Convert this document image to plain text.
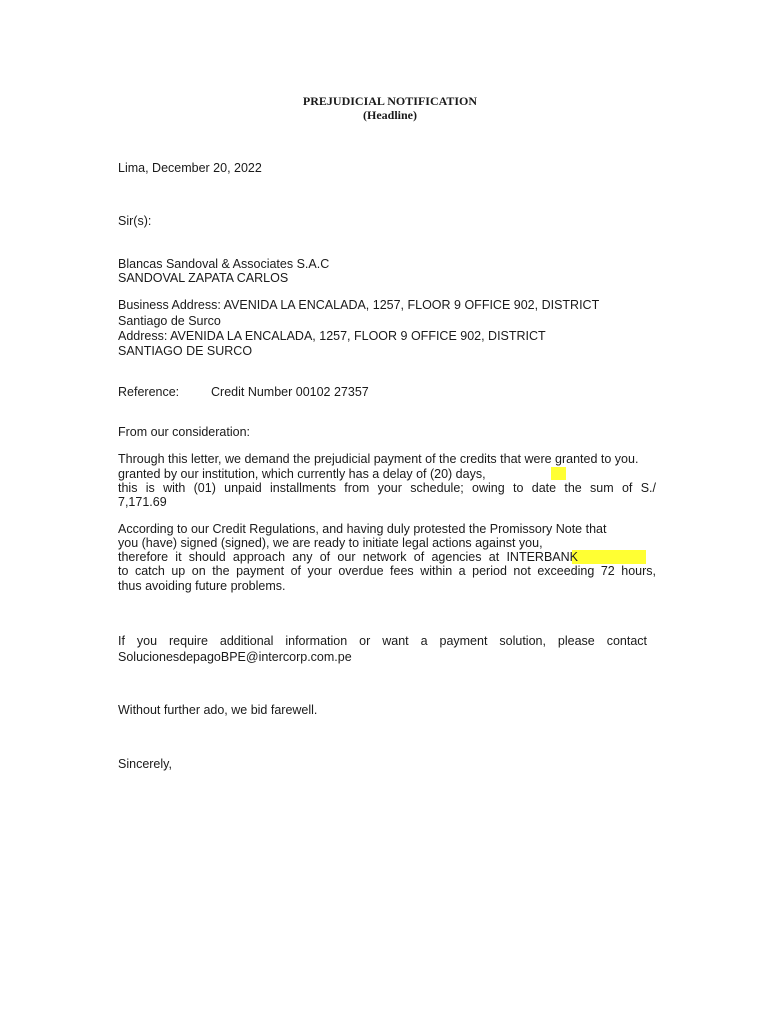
PREJUDICIAL NOTIFICATION
(Headline)
Lima, December 20, 2022
Sir(s):
Blancas Sandoval & Associates S.A.C
SANDOVAL ZAPATA CARLOS
Business Address: AVENIDA LA ENCALADA, 1257, FLOOR 9 OFFICE 902, DISTRICT
Santiago de Surco
Address: AVENIDA LA ENCALADA, 1257, FLOOR 9 OFFICE 902, DISTRICT
SANTIAGO DE SURCO
Reference:	Credit Number 00102 27357
From our consideration:
Through this letter, we demand the prejudicial payment of the credits that were granted to you.
granted by our institution, which currently has a delay of (20) days,
this is with (01) unpaid installments from your schedule; owing to date the sum of S./
7,171.69
According to our Credit Regulations, and having duly protested the Promissory Note that
you (have) signed (signed), we are ready to initiate legal actions against you,
therefore it should approach any of our network of agencies at INTERBANK
to catch up on the payment of your overdue fees within a period not exceeding 72 hours,
thus avoiding future problems.
If you require additional information or want a payment solution, please contact
SolucionesdepagoBPE@intercorp.com.pe
Without further ado, we bid farewell.
Sincerely,
